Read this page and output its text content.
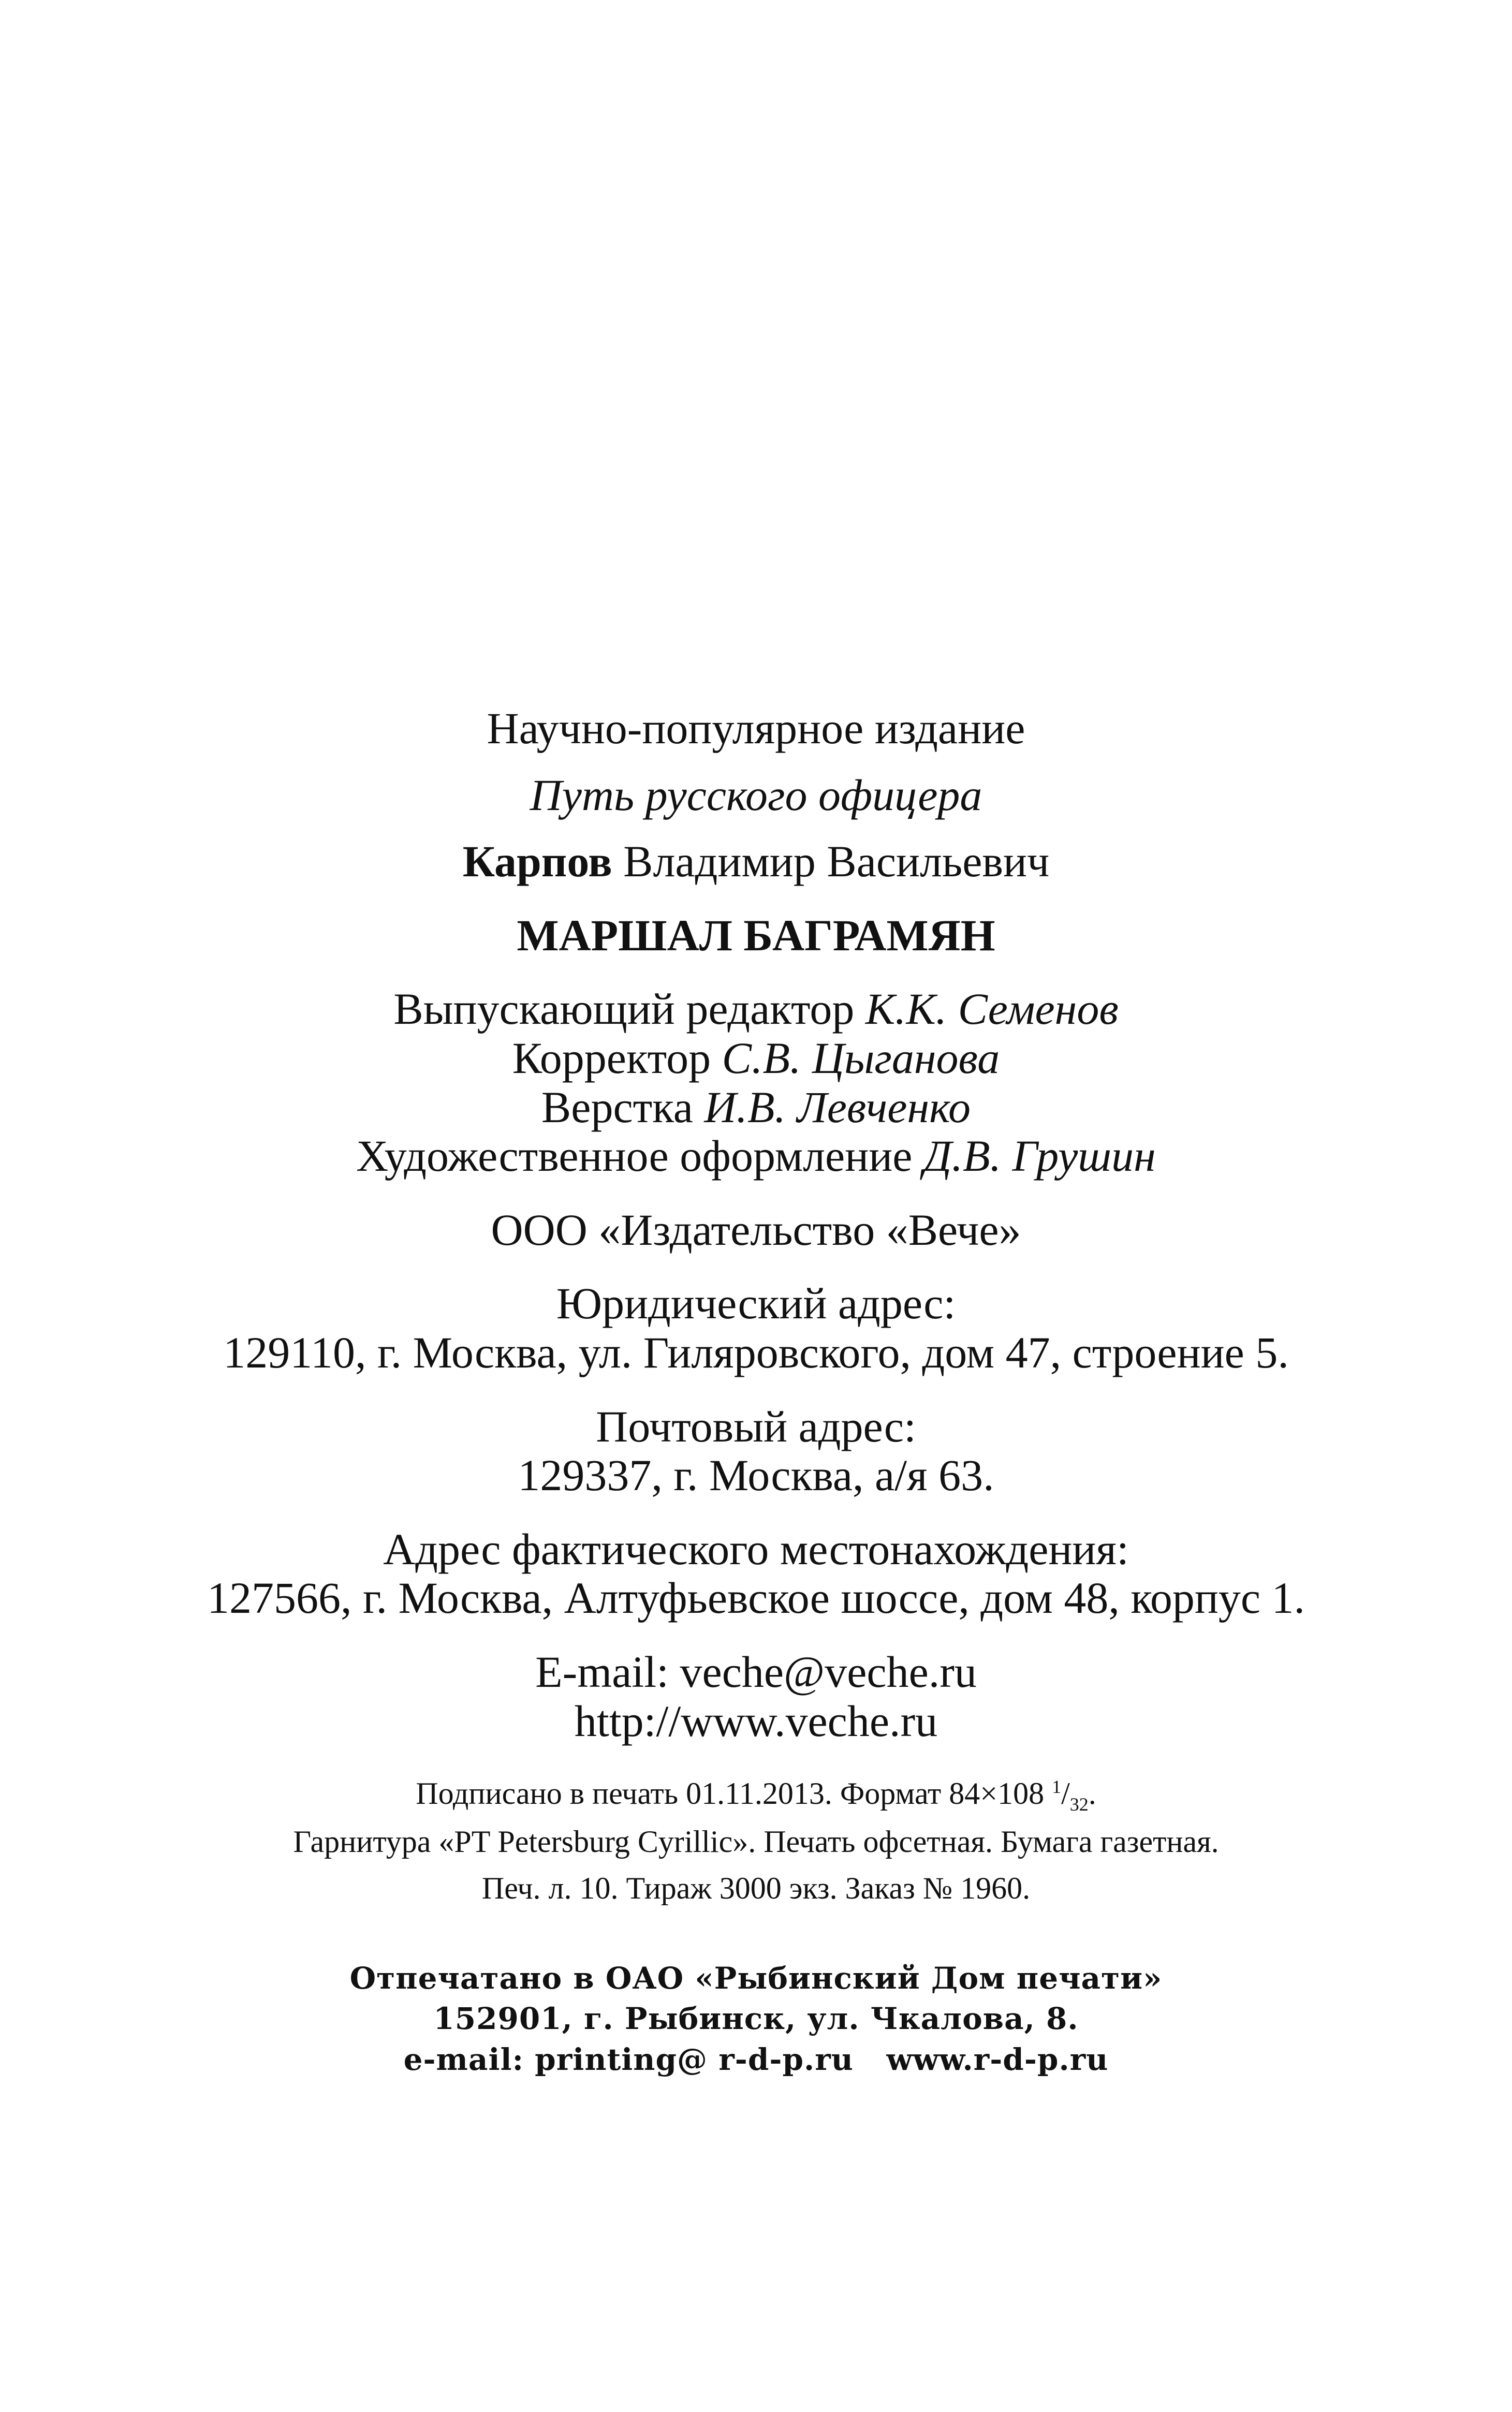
Научно-популярное издание
Путь русского офицера
Карпов Владимир Васильевич
МАРШАЛ БАГРАМЯН
Выпускающий редактор К.К. Семенов
Корректор С.В. Цыганова
Верстка И.В. Левченко
Художественное оформление Д.В. Грушин
ООО «Издательство «Вече»
Юридический адрес:
129110, г. Москва, ул. Гиляровского, дом 47, строение 5.
Почтовый адрес:
129337, г. Москва, а/я 63.
Адрес фактического местонахождения:
127566, г. Москва, Алтуфьевское шоссе, дом 48, корпус 1.
E-mail: veche@veche.ru
http://www.veche.ru
Подписано в печать 01.11.2013. Формат 84×108 $^1/_{32}$.
Гарнитура «PT Petersburg Cyrillic». Печать офсетная. Бумага газетная.
Печ. л. 10. Тираж 3000 экз. Заказ № 1960.
Отпечатано в ОАО «Рыбинский Дом печати»
152901, г. Рыбинск, ул. Чкалова, 8.
e-mail: printing@ r-d-p.ru   www.r-d-p.ru
